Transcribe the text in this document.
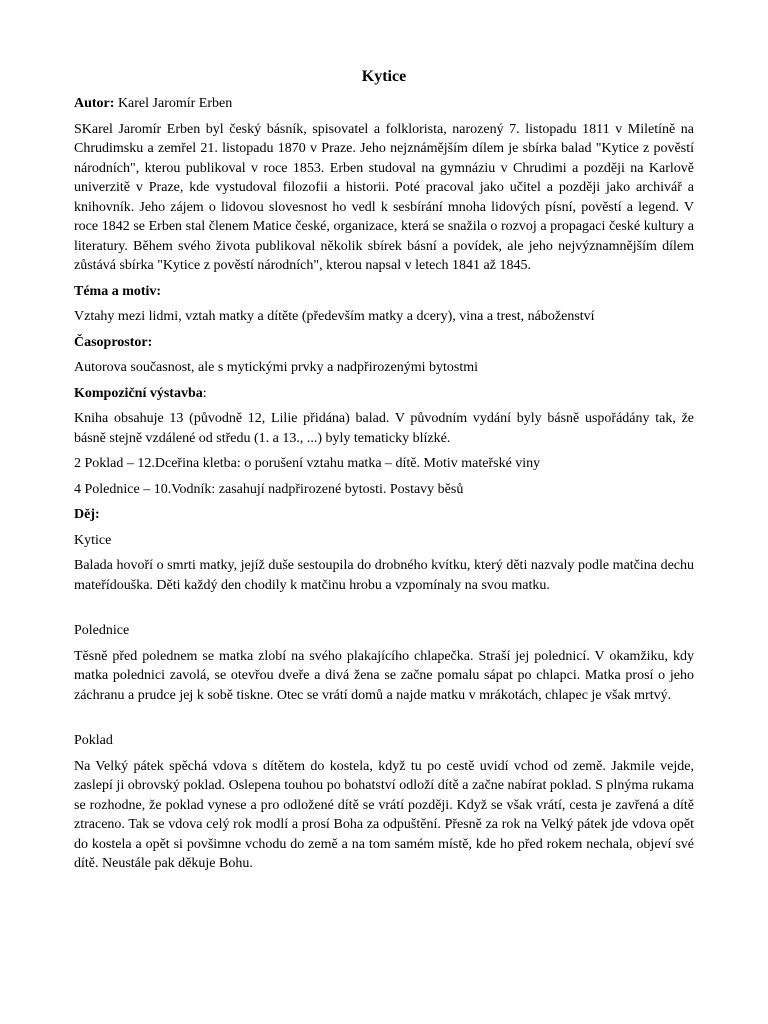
Kytice

Autor: Karel Jaromír Erben

SKarel Jaromír Erben byl český básník, spisovatel a folklorista, narozený 7. listopadu 1811 v Miletíně na Chrudimsku a zemřel 21. listopadu 1870 v Praze. Jeho nejznámějším dílem je sbírka balad "Kytice z pověstí národních", kterou publikoval v roce 1853. Erben studoval na gymnáziu v Chrudimi a později na Karlově univerzitě v Praze, kde vystudoval filozofii a historii. Poté pracoval jako učitel a později jako archivář a knihovník. Jeho zájem o lidovou slovesnost ho vedl k sesbírání mnoha lidových písní, pověstí a legend. V roce 1842 se Erben stal členem Matice české, organizace, která se snažila o rozvoj a propagaci české kultury a literatury. Během svého života publikoval několik sbírek básní a povídek, ale jeho nejvýznamnějším dílem zůstává sbírka "Kytice z pověstí národních", kterou napsal v letech 1841 až 1845.

Téma a motiv:

Vztahy mezi lidmi, vztah matky a dítěte (především matky a dcery), vina a trest, náboženství

Časoprostor:

Autorova současnost, ale s mytickými prvky a nadpřirozenými bytostmi

Kompoziční výstavba:

Kniha obsahuje 13 (původně 12, Lilie přidána) balad. V původním vydání byly básně uspořádány tak, že básně stejně vzdálené od středu (1. a 13., ...) byly tematicky blízké.

2 Poklad – 12.Dceřina kletba: o porušení vztahu matka – dítě. Motiv mateřské viny

4 Polednice – 10.Vodník: zasahují nadpřirozené bytosti. Postavy běsů

Děj:

Kytice

Balada hovoří o smrti matky, jejíž duše sestoupila do drobného kvítku, který děti nazvaly podle matčina dechu mateřídouška. Děti každý den chodily k matčinu hrobu a vzpomínaly na svou matku.

Polednice

Těsně před polednem se matka zlobí na svého plakajícího chlapečka. Straší jej polednicí. V okamžiku, kdy matka polednici zavolá, se otevřou dveře a divá žena se začne pomalu sápat po chlapci. Matka prosí o jeho záchranu a prudce jej k sobě tiskne. Otec se vrátí domů a najde matku v mrákotách, chlapec je však mrtvý.

Poklad

Na Velký pátek spěchá vdova s dítětem do kostela, když tu po cestě uvidí vchod od země. Jakmile vejde, zaslepí ji obrovský poklad. Oslepena touhou po bohatství odloží dítě a začne nabírat poklad. S plnýma rukama se rozhodne, že poklad vynese a pro odložené dítě se vrátí později. Když se však vrátí, cesta je zavřená a dítě ztraceno. Tak se vdova celý rok modlí a prosí Boha za odpuštění. Přesně za rok na Velký pátek jde vdova opět do kostela a opět si povšimne vchodu do země a na tom samém místě, kde ho před rokem nechala, objeví své dítě. Neustále pak děkuje Bohu.
